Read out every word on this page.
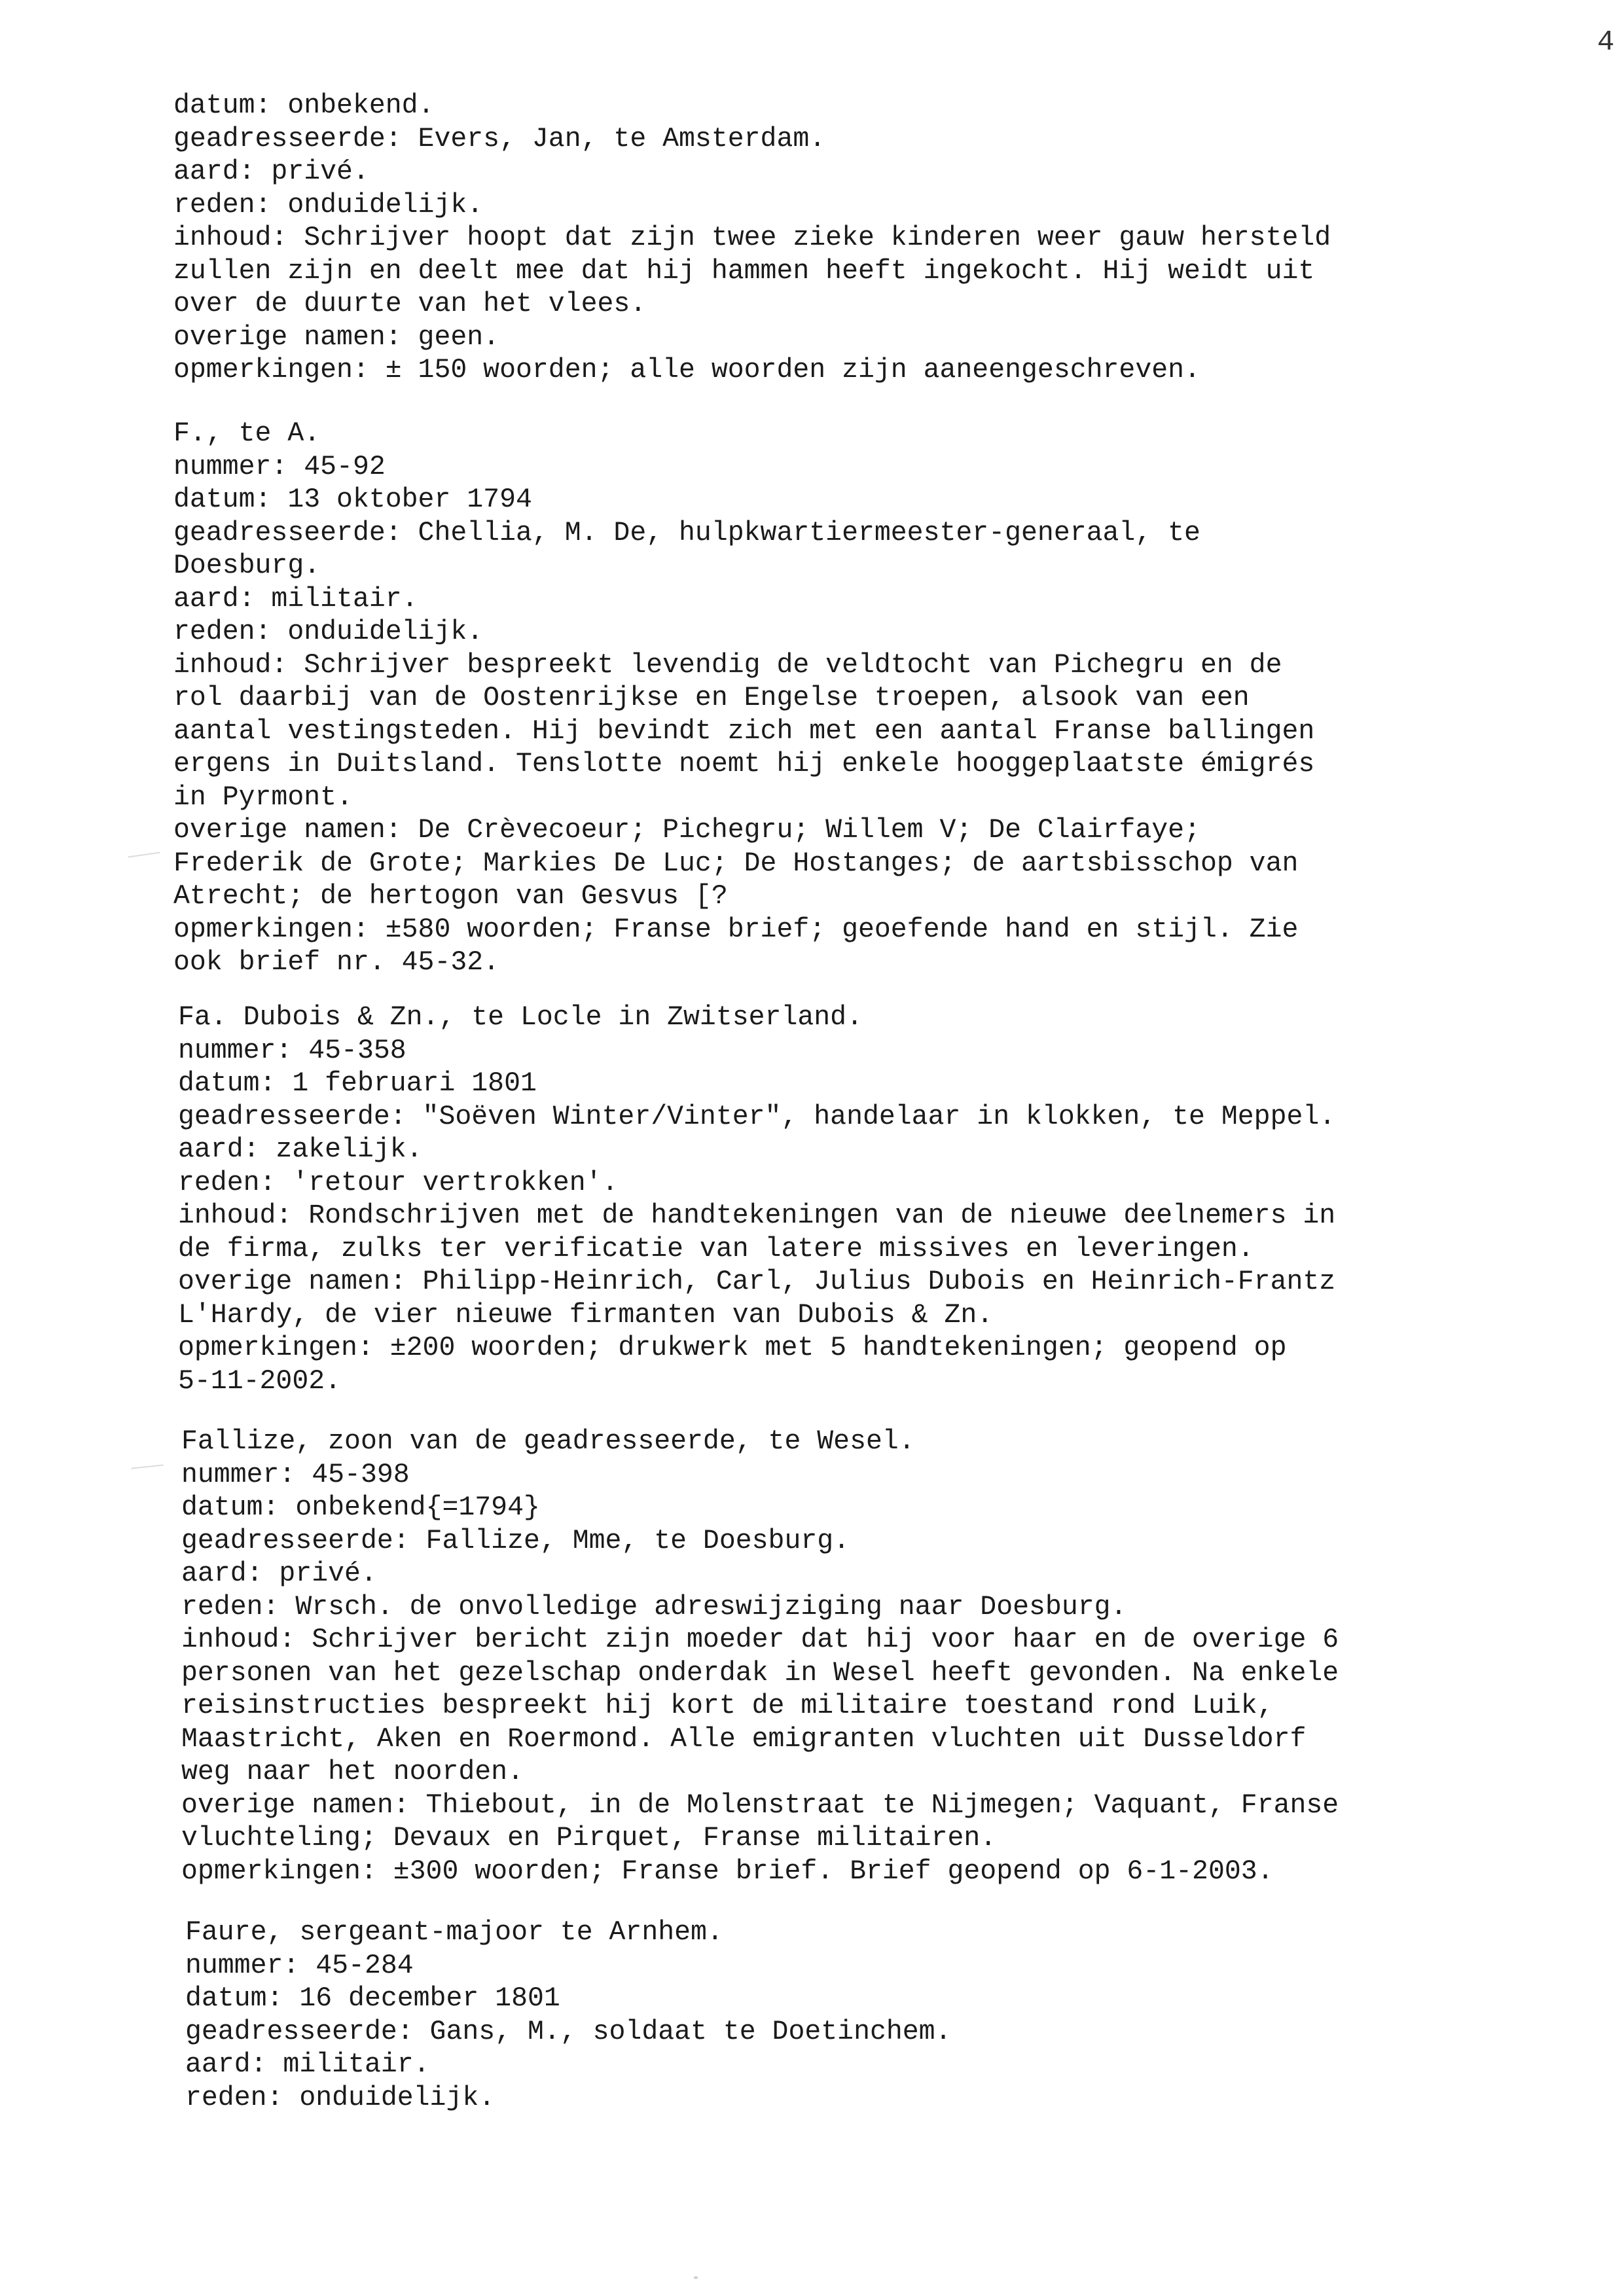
4
datum: onbekend.
geadresseerde: Evers, Jan, te Amsterdam.
aard: privé.
reden: onduidelijk.
inhoud: Schrijver hoopt dat zijn twee zieke kinderen weer gauw hersteld
zullen zijn en deelt mee dat hij hammen heeft ingekocht. Hij weidt uit
over de duurte van het vlees.
overige namen: geen.
opmerkingen: ± 150 woorden; alle woorden zijn aaneengeschreven.
F., te A.
nummer: 45-92
datum: 13 oktober 1794
geadresseerde: Chellia, M. De, hulpkwartiermeester-generaal, te
Doesburg.
aard: militair.
reden: onduidelijk.
inhoud: Schrijver bespreekt levendig de veldtocht van Pichegru en de
rol daarbij van de Oostenrijkse en Engelse troepen, alsook van een
aantal vestingsteden. Hij bevindt zich met een aantal Franse ballingen
ergens in Duitsland. Tenslotte noemt hij enkele hooggeplaatste émigrés
in Pyrmont.
overige namen: De Crèvecoeur; Pichegru; Willem V; De Clairfaye;
Frederik de Grote; Markies De Luc; De Hostanges; de aartsbisschop van
Atrecht; de hertogon van Gesvus [?
opmerkingen: ±580 woorden; Franse brief; geoefende hand en stijl. Zie
ook brief nr. 45-32.
Fa. Dubois & Zn., te Locle in Zwitserland.
nummer: 45-358
datum: 1 februari 1801
geadresseerde: "Soëven Winter/Vinter", handelaar in klokken, te Meppel.
aard: zakelijk.
reden: 'retour vertrokken'.
inhoud: Rondschrijven met de handtekeningen van de nieuwe deelnemers in
de firma, zulks ter verificatie van latere missives en leveringen.
overige namen: Philipp-Heinrich, Carl, Julius Dubois en Heinrich-Frantz
L'Hardy, de vier nieuwe firmanten van Dubois & Zn.
opmerkingen: ±200 woorden; drukwerk met 5 handtekeningen; geopend op
5-11-2002.
Fallize, zoon van de geadresseerde, te Wesel.
nummer: 45-398
datum: onbekend{=1794}
geadresseerde: Fallize, Mme, te Doesburg.
aard: privé.
reden: Wrsch. de onvolledige adreswijziging naar Doesburg.
inhoud: Schrijver bericht zijn moeder dat hij voor haar en de overige 6
personen van het gezelschap onderdak in Wesel heeft gevonden. Na enkele
reisinstructies bespreekt hij kort de militaire toestand rond Luik,
Maastricht, Aken en Roermond. Alle emigranten vluchten uit Dusseldorf
weg naar het noorden.
overige namen: Thiebout, in de Molenstraat te Nijmegen; Vaquant, Franse
vluchteling; Devaux en Pirquet, Franse militairen.
opmerkingen: ±300 woorden; Franse brief. Brief geopend op 6-1-2003.
Faure, sergeant-majoor te Arnhem.
nummer: 45-284
datum: 16 december 1801
geadresseerde: Gans, M., soldaat te Doetinchem.
aard: militair.
reden: onduidelijk.
